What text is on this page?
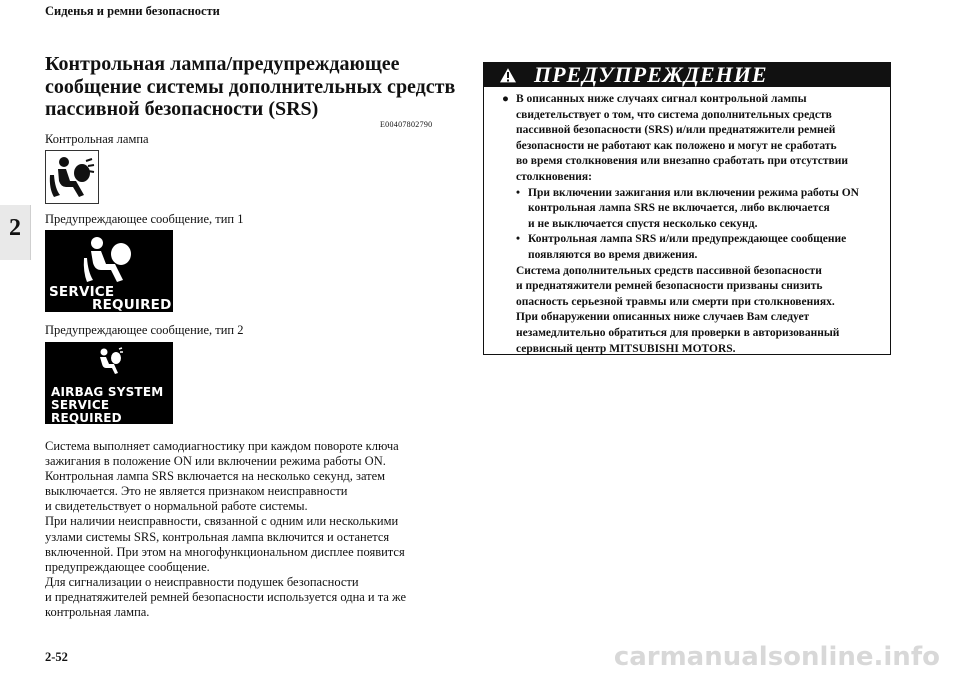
Сиденья и ремни безопасности
2
Контрольная лампа/предупреждающее
сообщение системы дополнительных средств
пассивной безопасности (SRS)
E00407802790
Контрольная лампа
Предупреждающее сообщение, тип 1
SERVICE
REQUIRED
Предупреждающее сообщение, тип 2
AIRBAG SYSTEM
SERVICE REQUIRED
Система выполняет самодиагностику при каждом повороте ключа
зажигания в положение ON или включении режима работы ON.
Контрольная лампа SRS включается на несколько секунд, затем
выключается. Это не является признаком неисправности
и свидетельствует о нормальной работе системы.
При наличии неисправности, связанной с одним или несколькими
узлами системы SRS, контрольная лампа включится и останется
включенной. При этом на многофункциональном дисплее появится
предупреждающее сообщение.
Для сигнализации о неисправности подушек безопасности
и преднатяжителей ремней безопасности используется одна и та же
контрольная лампа.
ПРЕДУПРЕЖДЕНИЕ
● В описанных ниже случаях сигнал контрольной лампы
свидетельствует о том, что система дополнительных средств
пассивной безопасности (SRS) и/или преднатяжители ремней
безопасности не работают как положено и могут не сработать
во время столкновения или внезапно сработать при отсутствии
столкновения:
• При включении зажигания или включении режима работы ON
контрольная лампа SRS не включается, либо включается
и не выключается спустя несколько секунд.
• Контрольная лампа SRS и/или предупреждающее сообщение
появляются во время движения.
Система дополнительных средств пассивной безопасности
и преднатяжители ремней безопасности призваны снизить
опасность серьезной травмы или смерти при столкновениях.
При обнаружении описанных ниже случаев Вам следует
незамедлительно обратиться для проверки в авторизованный
сервисный центр MITSUBISHI MOTORS.
2-52	carmanualsonline.info
